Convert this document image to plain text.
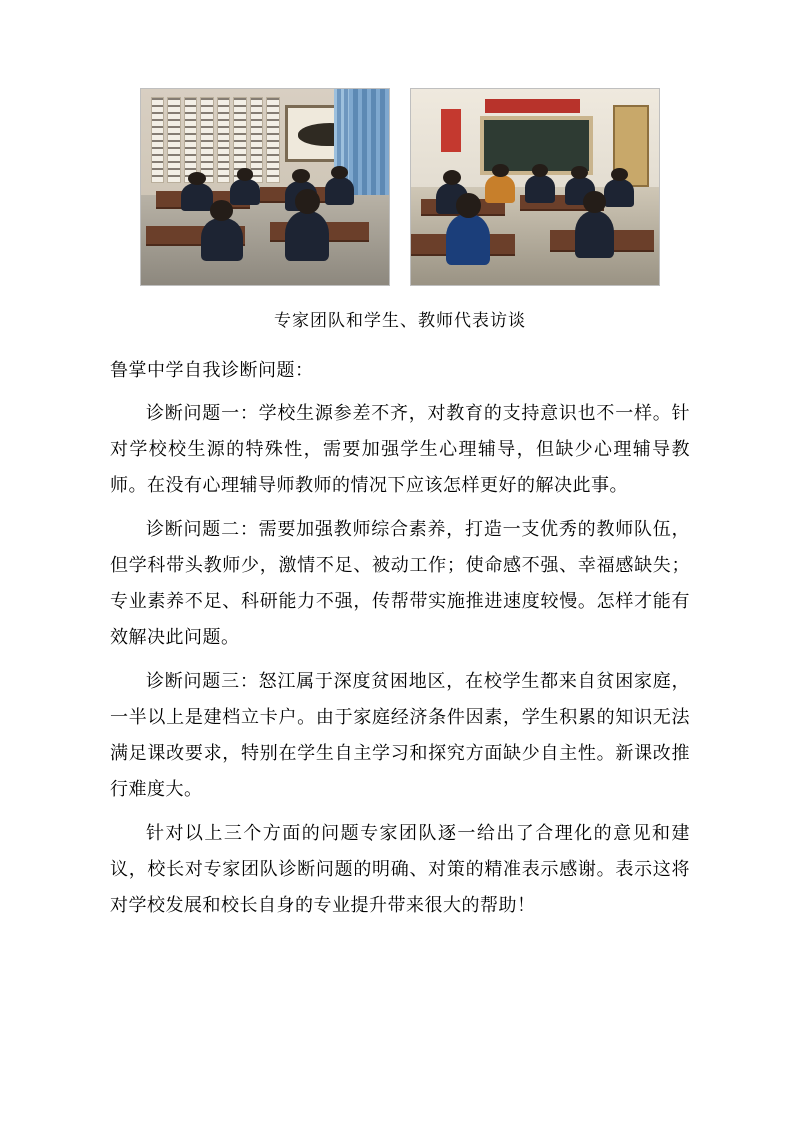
专家团队和学生、教师代表访谈
鲁掌中学自我诊断问题：

诊断问题一：学校生源参差不齐，对教育的支持意识也不一样。针对学校校生源的特殊性，需要加强学生心理辅导，但缺少心理辅导教师。在没有心理辅导师教师的情况下应该怎样更好的解决此事。

诊断问题二：需要加强教师综合素养，打造一支优秀的教师队伍，但学科带头教师少，激情不足、被动工作；使命感不强、幸福感缺失；专业素养不足、科研能力不强，传帮带实施推进速度较慢。怎样才能有效解决此问题。

诊断问题三：怒江属于深度贫困地区，在校学生都来自贫困家庭，一半以上是建档立卡户。由于家庭经济条件因素，学生积累的知识无法满足课改要求，特别在学生自主学习和探究方面缺少自主性。新课改推行难度大。

针对以上三个方面的问题专家团队逐一给出了合理化的意见和建议，校长对专家团队诊断问题的明确、对策的精准表示感谢。表示这将对学校发展和校长自身的专业提升带来很大的帮助！
